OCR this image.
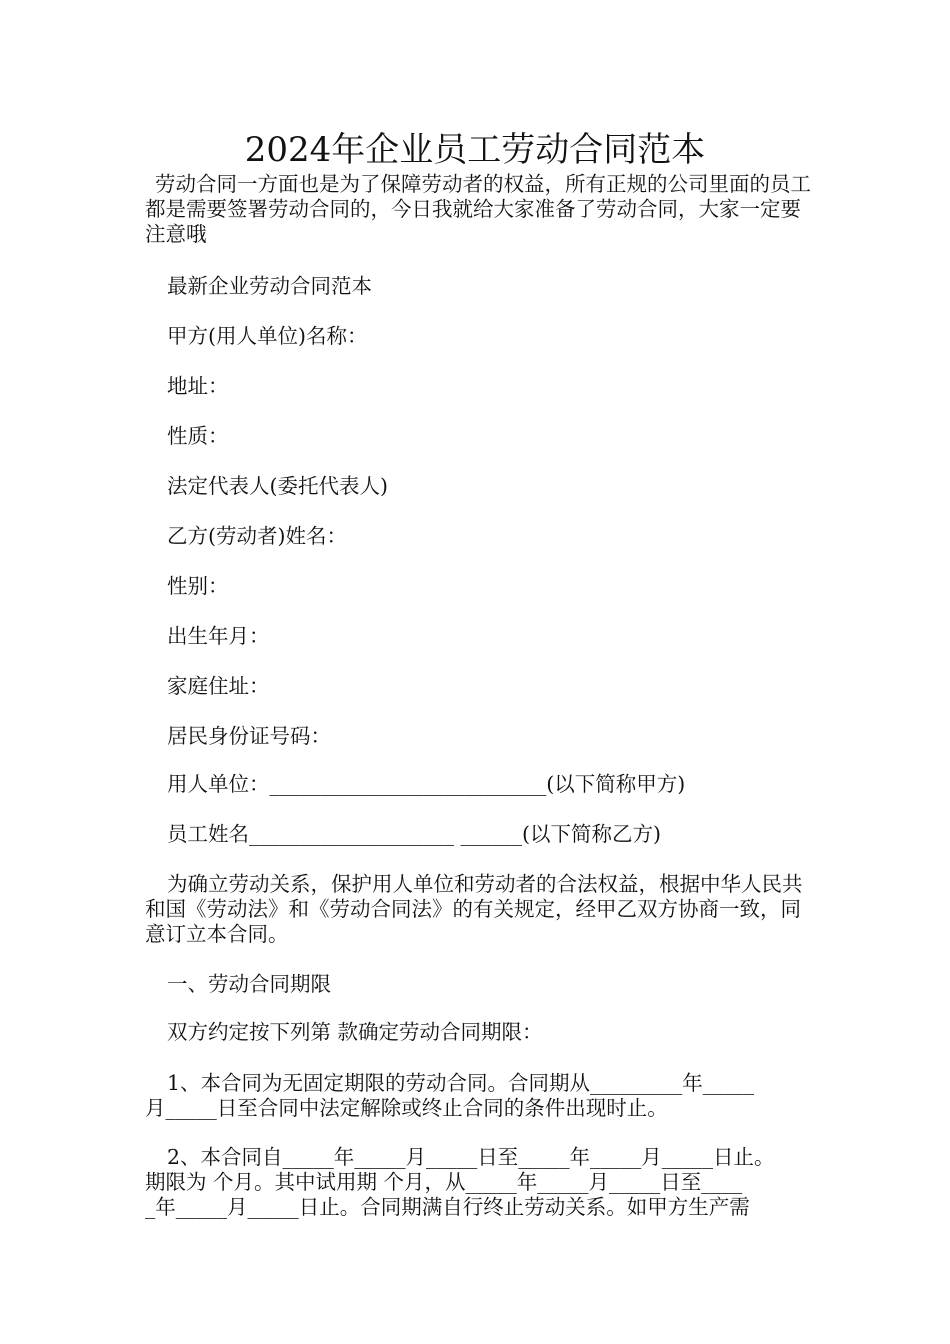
2024年企业员工劳动合同范本
劳动合同一方面也是为了保障劳动者的权益，所有正规的公司里面的员工都是需要签署劳动合同的，今日我就给大家准备了劳动合同，大家一定要注意哦
最新企业劳动合同范本
甲方(用人单位)名称：
地址：
性质：
法定代表人(委托代表人)
乙方(劳动者)姓名：
性别：
出生年月：
家庭住址：
居民身份证号码：
用人单位：___________________________(以下简称甲方)
员工姓名____________________ ______(以下简称乙方)
为确立劳动关系，保护用人单位和劳动者的合法权益，根据中华人民共和国《劳动法》和《劳动合同法》的有关规定，经甲乙双方协商一致，同意订立本合同。
一、劳动合同期限
双方约定按下列第 款确定劳动合同期限：
1、本合同为无固定期限的劳动合同。合同期从_________年_____
月_____日至合同中法定解除或终止合同的条件出现时止。
2、本合同自_____年_____月_____日至_____年_____月_____日止。
期限为 个月。其中试用期 个月，从_____年_____月_____日至____
_年_____月_____日止。合同期满自行终止劳动关系。如甲方生产需
